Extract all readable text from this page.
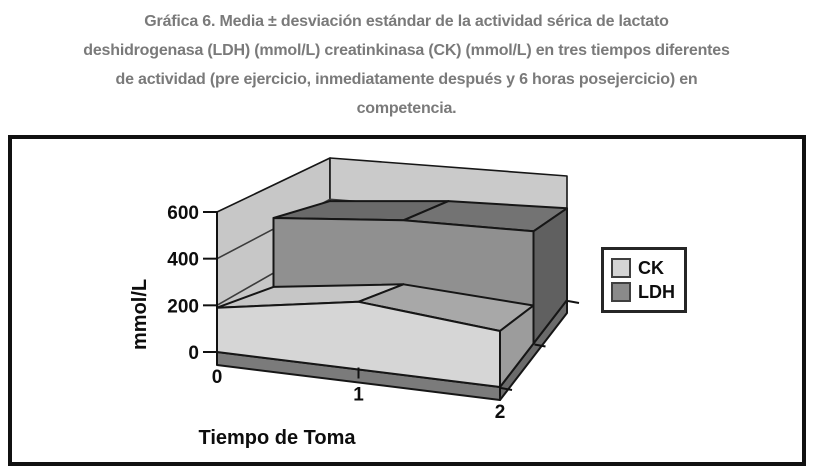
Gráfica 6. Media ± desviación estándar de la actividad sérica de lactato
deshidrogenasa (LDH) (mmol/L) creatinkinasa (CK) (mmol/L) en tres tiempos diferentes
de actividad (pre ejercicio, inmediatamente después y 6 horas posejercicio) en
competencia.
0
200
400
600
0
1
2
mmol/L
Tiempo de Toma
CK
LDH
